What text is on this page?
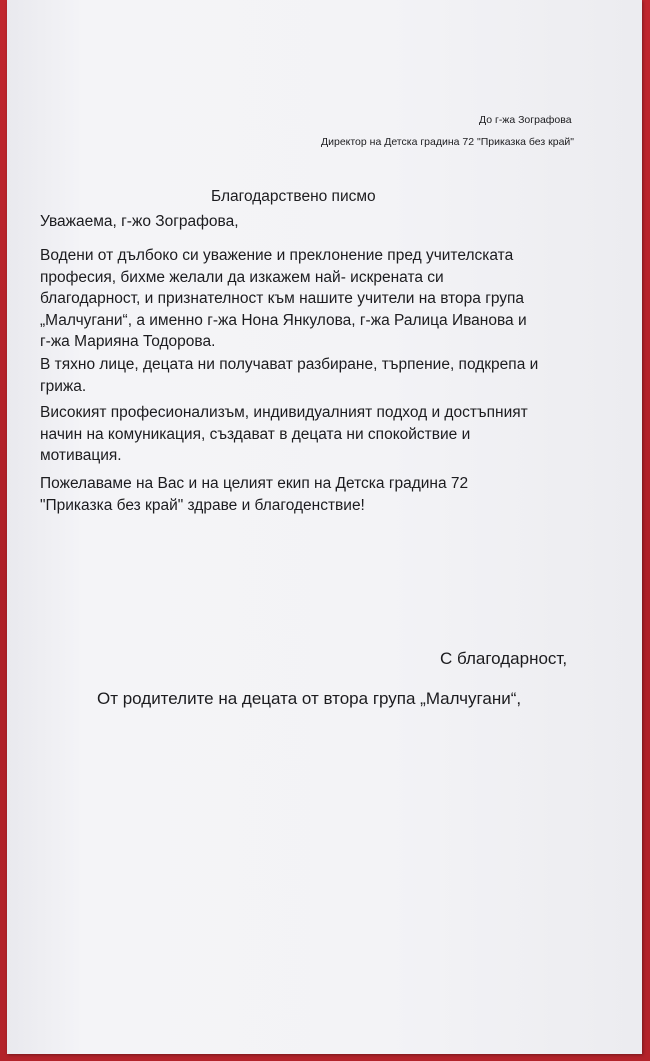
До г-жа Зографова
Директор на Детска градина 72 "Приказка без край"
Благодарствено писмо
Уважаема, г-жо Зографова,
Водени от дълбоко си уважение и преклонение пред учителската
професия, бихме желали да изкажем най- искрената си
благодарност, и признателност към нашите учители на втора група
„Малчугани“, а именно г-жа Нона Янкулова, г-жа Ралица Иванова и
г-жа Марияна Тодорова.
В тяхно лице, децата ни получават разбиране, търпение, подкрепа и
грижа.
Високият професионализъм, индивидуалният подход и достъпният
начин на комуникация, създават в децата ни спокойствие и
мотивация.
Пожелаваме на Вас и на целият екип на Детска градина 72
"Приказка без край" здраве и благоденствие!
С благодарност,
От родителите на децата от втора група „Малчугани“,
